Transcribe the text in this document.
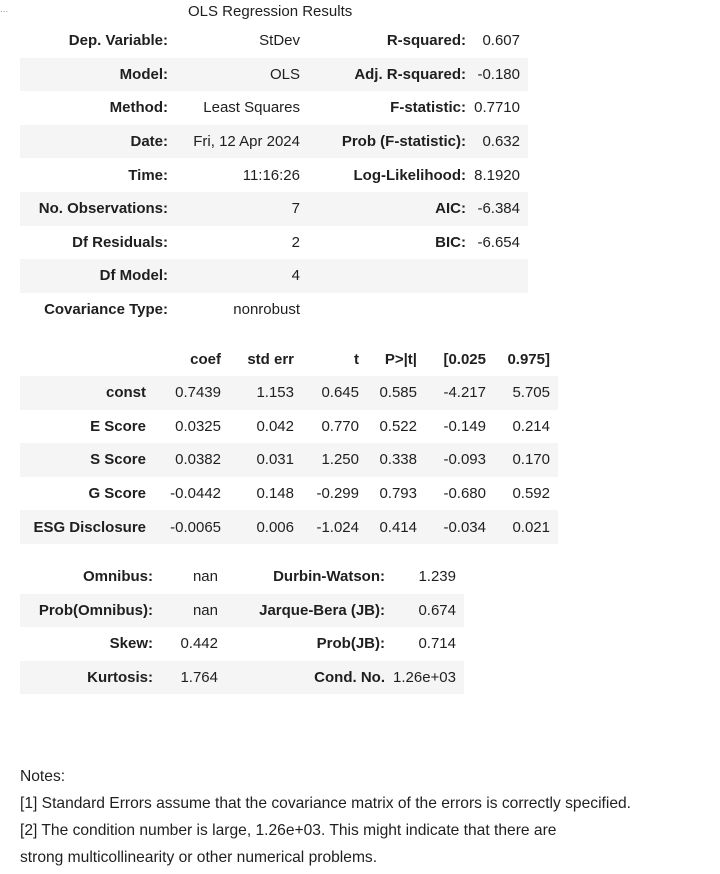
...	OLS Regression Results
Dep. Variable:	StDev	R-squared:	0.607
Model:	OLS	Adj. R-squared:	-0.180
Method:	Least Squares	F-statistic:	0.7710
Date:	Fri, 12 Apr 2024	Prob (F-statistic):	0.632
Time:	11:16:26	Log-Likelihood:	8.1920
No. Observations:	7	AIC:	-6.384
Df Residuals:	2	BIC:	-6.654
Df Model:	4		
Covariance Type:	nonrobust		
	coef	std err	t	P>|t|	[0.025	0.975]
const	0.7439	1.153	0.645	0.585	-4.217	5.705
E Score	0.0325	0.042	0.770	0.522	-0.149	0.214
S Score	0.0382	0.031	1.250	0.338	-0.093	0.170
G Score	-0.0442	0.148	-0.299	0.793	-0.680	0.592
ESG Disclosure	-0.0065	0.006	-1.024	0.414	-0.034	0.021
Omnibus:	nan	Durbin-Watson:	1.239
Prob(Omnibus):	nan	Jarque-Bera (JB):	0.674
Skew:	0.442	Prob(JB):	0.714
Kurtosis:	1.764	Cond. No.	1.26e+03
Notes:
[1] Standard Errors assume that the covariance matrix of the errors is correctly specified.
[2] The condition number is large, 1.26e+03. This might indicate that there are
strong multicollinearity or other numerical problems.
